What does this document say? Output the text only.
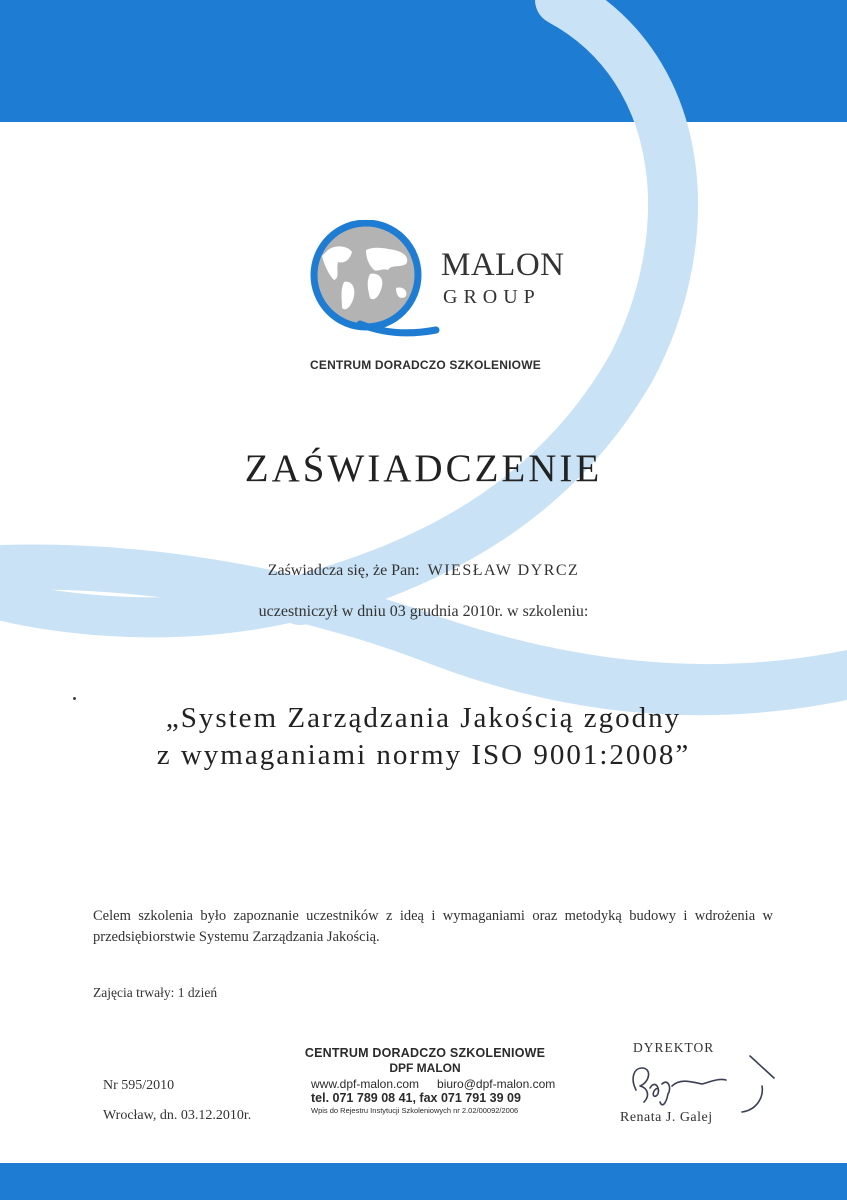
MALON
GROUP
CENTRUM DORADCZO SZKOLENIOWE
ZAŚWIADCZENIE
Zaświadcza się, że Pan: WIESŁAW DYRCZ
uczestniczył w dniu 03 grudnia 2010r. w szkoleniu:
„System Zarządzania Jakością zgodny
z wymaganiami normy ISO 9001:2008”
Celem szkolenia było zapoznanie uczestników z ideą i wymaganiami oraz metodyką budowy i wdrożenia w przedsiębiorstwie Systemu Zarządzania Jakością.
Zajęcia trwały: 1 dzień
Nr 595/2010
Wrocław, dn. 03.12.2010r.
CENTRUM DORADCZO SZKOLENIOWE
DPF MALON
www.dpf-malon.com biuro@dpf-malon.com
tel. 071 789 08 41, fax 071 791 39 09
Wpis do Rejestru Instytucji Szkoleniowych nr 2.02/00092/2006
DYREKTOR
Renata J. Galej
